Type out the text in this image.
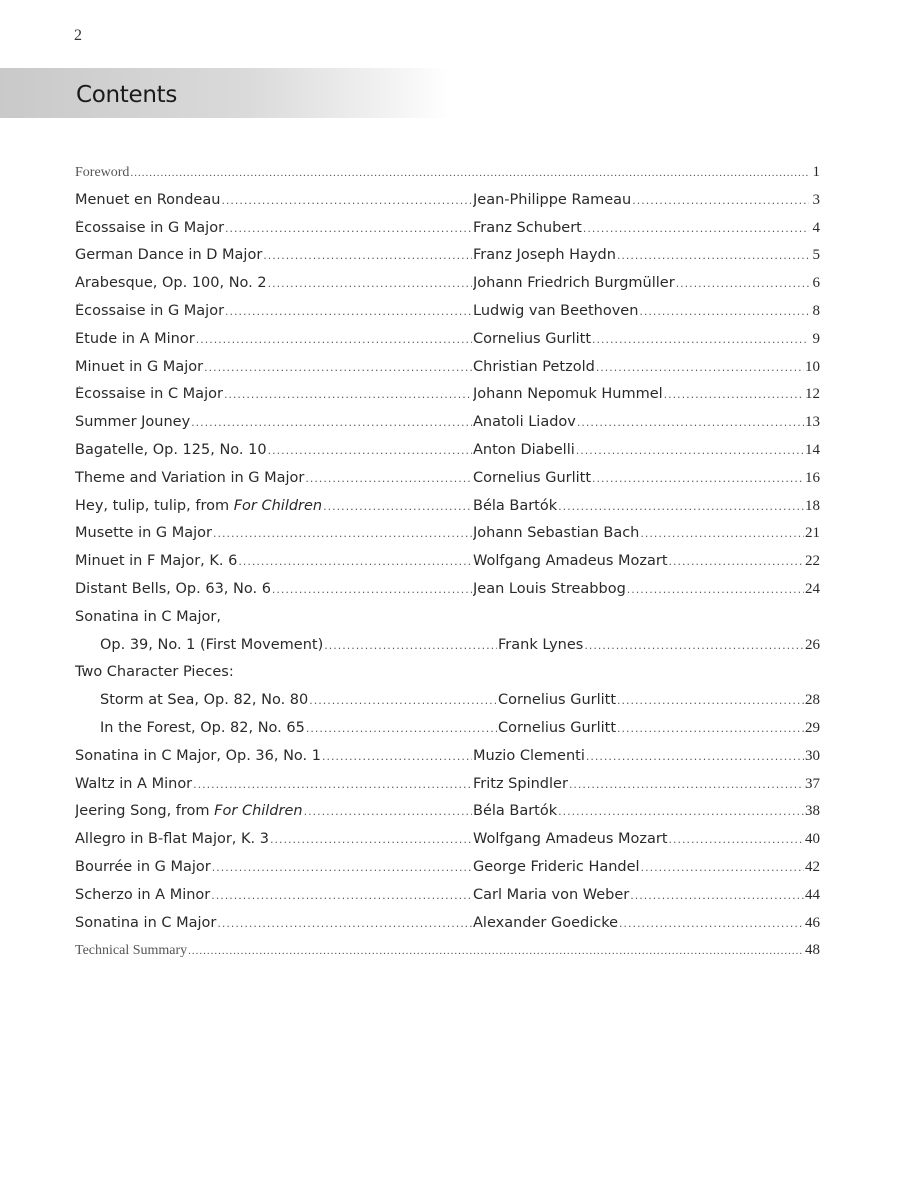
2
Contents
Foreword .....	1
Menuet en Rondeau .....	Jean-Philippe Rameau .....	3
Écossaise in G Major .....	Franz Schubert .....	4
German Dance in D Major .....	Franz Joseph Haydn .....	5
Arabesque, Op. 100, No. 2 .....	Johann Friedrich Burgmüller .....	6
Écossaise in G Major .....	Ludwig van Beethoven .....	8
Etude in A Minor .....	Cornelius Gurlitt .....	9
Minuet in G Major .....	Christian Petzold .....	10
Écossaise in C Major .....	Johann Nepomuk Hummel .....	12
Summer Jouney .....	Anatoli Liadov .....	13
Bagatelle, Op. 125, No. 10 .....	Anton Diabelli .....	14
Theme and Variation in G Major .....	Cornelius Gurlitt .....	16
Hey, tulip, tulip, from For Children .....	Béla Bartók .....	18
Musette in G Major .....	Johann Sebastian Bach .....	21
Minuet in F Major, K. 6 .....	Wolfgang Amadeus Mozart .....	22
Distant Bells, Op. 63, No. 6 .....	Jean Louis Streabbog .....	24
Sonatina in C Major,
Op. 39, No. 1 (First Movement) .....	Frank Lynes .....	26
Two Character Pieces:
Storm at Sea, Op. 82, No. 80 .....	Cornelius Gurlitt .....	28
In the Forest, Op. 82, No. 65 .....	Cornelius Gurlitt .....	29
Sonatina in C Major, Op. 36, No. 1 .....	Muzio Clementi .....	30
Waltz in A Minor .....	Fritz Spindler .....	37
Jeering Song, from For Children .....	Béla Bartók .....	38
Allegro in B-flat Major, K. 3 .....	Wolfgang Amadeus Mozart .....	40
Bourrée in G Major .....	George Frideric Handel .....	42
Scherzo in A Minor .....	Carl Maria von Weber .....	44
Sonatina in C Major .....	Alexander Goedicke .....	46
Technical Summary .....	48
